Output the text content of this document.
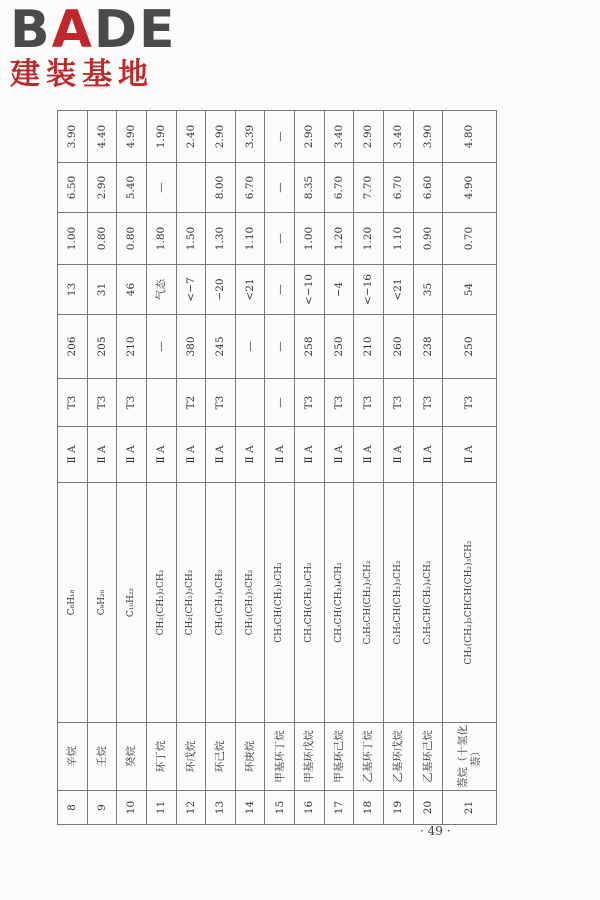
BADE
建装基地
8	辛烷	C₈H₁₈	Ⅱ A	T3	206	13	1.00	6.50	3.90
9	壬烷	C₉H₂₀	Ⅱ A	T3	205	31	0.80	2.90	4.40
10	癸烷	C₁₀H₂₂	Ⅱ A	T3	210	46	0.80	5.40	4.90
11	环丁烷	CH₂(CH₂)₂CH₂	Ⅱ A		—	气态	1.80	—	1.90
12	环戊烷	CH₂(CH₂)₃CH₂	Ⅱ A	T2	380	<−7	1.50		2.40
13	环己烷	CH₂(CH₂)₄CH₂	Ⅱ A	T3	245	−20	1.30	8.00	2.90
14	环庚烷	CH₂(CH₂)₅CH₂	Ⅱ A		—	<21	1.10	6.70	3.39
15	甲基环丁烷	CH₃CH(CH₂)₂CH₂	Ⅱ A	—	—	—	—	—	—
16	甲基环戊烷	CH₃CH(CH₂)₃CH₂	Ⅱ A	T3	258	<−10	1.00	8.35	2.90
17	甲基环己烷	CH₃CH(CH₂)₄CH₂	Ⅱ A	T3	250	−4	1.20	6.70	3.40
18	乙基环丁烷	C₂H₅CH(CH₂)₂CH₂	Ⅱ A	T3	210	<−16	1.20	7.70	2.90
19	乙基环戊烷	C₂H₅CH(CH₂)₃CH₂	Ⅱ A	T3	260	<21	1.10	6.70	3.40
20	乙基环己烷	C₂H₅CH(CH₂)₄CH₂	Ⅱ A	T3	238	35	0.90	6.60	3.90
21	萘烷（十氢化萘）	CH₂(CH₂)₃CHCH(CH₂)₃CH₂	Ⅱ A	T3	250	54	0.70	4.90	4.80
· 49 ·
